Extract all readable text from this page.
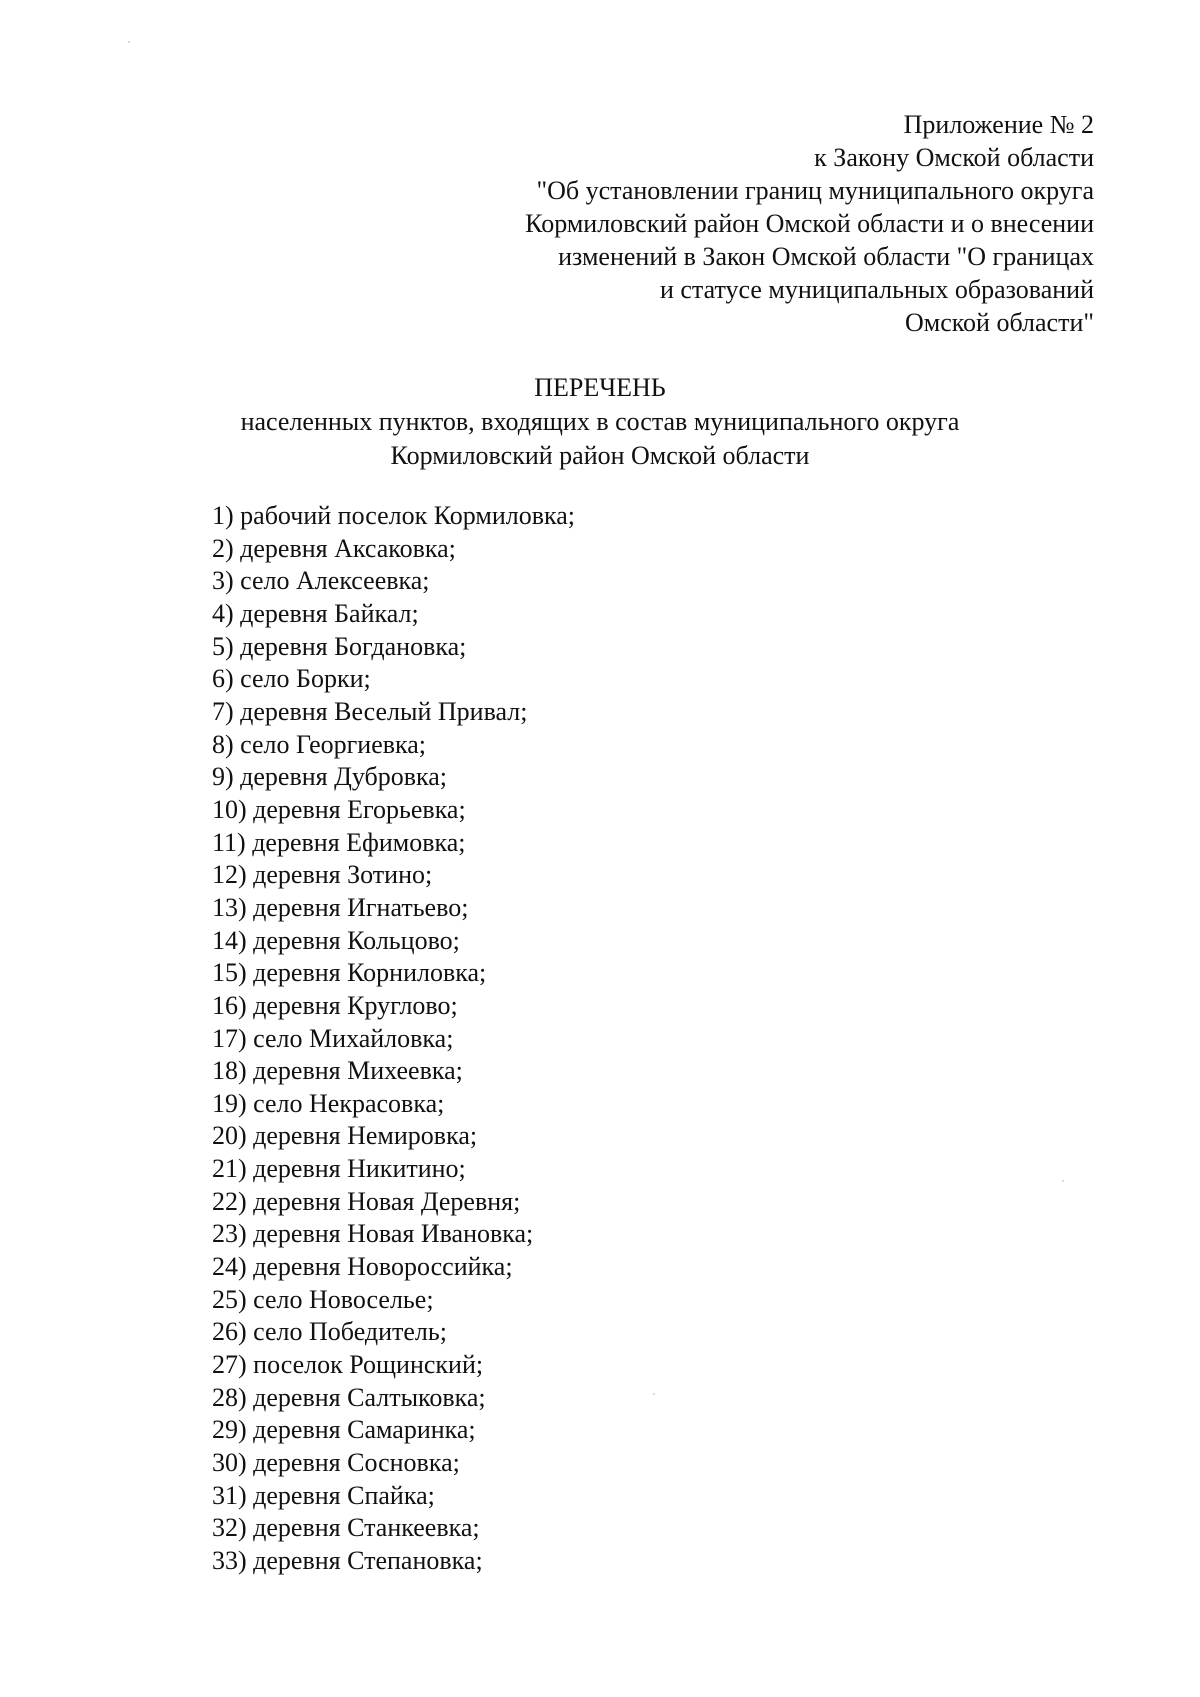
Приложение № 2
к Закону Омской области
"Об установлении границ муниципального округа
Кормиловский район Омской области и о внесении
изменений в Закон Омской области "О границах
и статусе муниципальных образований
Омской области"
ПЕРЕЧЕНЬ
населенных пунктов, входящих в состав муниципального округа
Кормиловский район Омской области
1) рабочий поселок Кормиловка;
2) деревня Аксаковка;
3) село Алексеевка;
4) деревня Байкал;
5) деревня Богдановка;
6) село Борки;
7) деревня Веселый Привал;
8) село Георгиевка;
9) деревня Дубровка;
10) деревня Егорьевка;
11) деревня Ефимовка;
12) деревня Зотино;
13) деревня Игнатьево;
14) деревня Кольцово;
15) деревня Корниловка;
16) деревня Круглово;
17) село Михайловка;
18) деревня Михеевка;
19) село Некрасовка;
20) деревня Немировка;
21) деревня Никитино;
22) деревня Новая Деревня;
23) деревня Новая Ивановка;
24) деревня Новороссийка;
25) село Новоселье;
26) село Победитель;
27) поселок Рощинский;
28) деревня Салтыковка;
29) деревня Самаринка;
30) деревня Сосновка;
31) деревня Спайка;
32) деревня Станкеевка;
33) деревня Степановка;
